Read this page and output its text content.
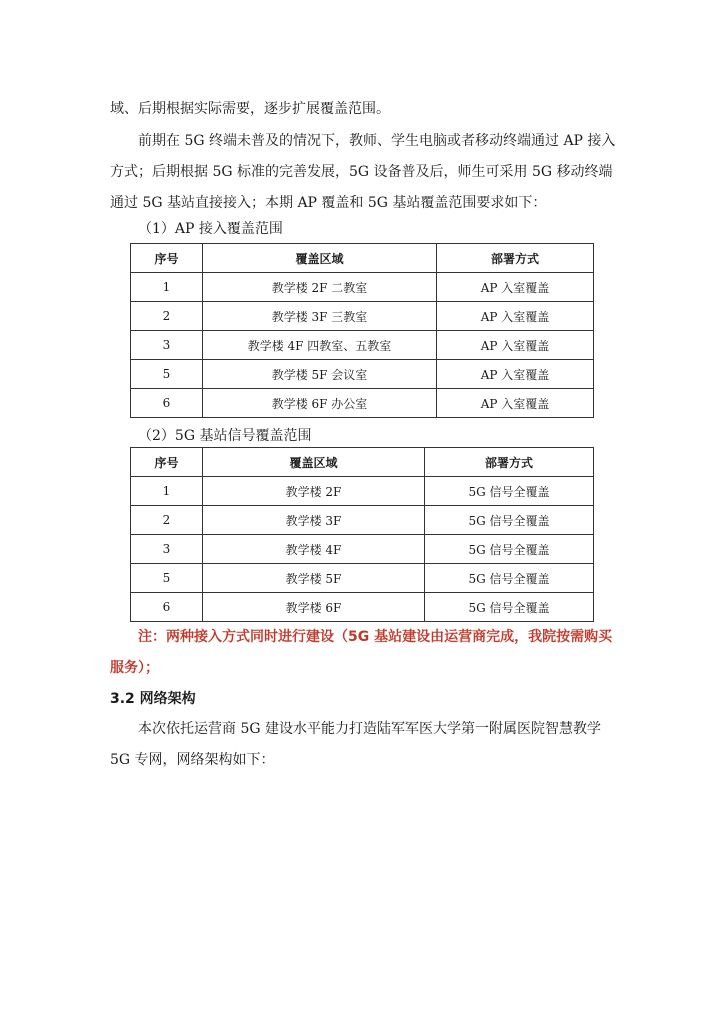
域、后期根据实际需要，逐步扩展覆盖范围。

前期在 5G 终端未普及的情况下，教师、学生电脑或者移动终端通过 AP 接入方式；后期根据 5G 标准的完善发展，5G 设备普及后，师生可采用 5G 移动终端通过 5G 基站直接接入；本期 AP 覆盖和 5G 基站覆盖范围要求如下：

（1）AP 接入覆盖范围

序号	覆盖区域	部署方式
1	教学楼 2F 二教室	AP 入室覆盖
2	教学楼 3F 三教室	AP 入室覆盖
3	教学楼 4F 四教室、五教室	AP 入室覆盖
5	教学楼 5F 会议室	AP 入室覆盖
6	教学楼 6F 办公室	AP 入室覆盖

（2）5G 基站信号覆盖范围

序号	覆盖区域	部署方式
1	教学楼 2F	5G 信号全覆盖
2	教学楼 3F	5G 信号全覆盖
3	教学楼 4F	5G 信号全覆盖
5	教学楼 5F	5G 信号全覆盖
6	教学楼 6F	5G 信号全覆盖

注：两种接入方式同时进行建设（5G 基站建设由运营商完成，我院按需购买服务）；

3.2 网络架构

本次依托运营商 5G 建设水平能力打造陆军军医大学第一附属医院智慧教学 5G 专网，网络架构如下：
